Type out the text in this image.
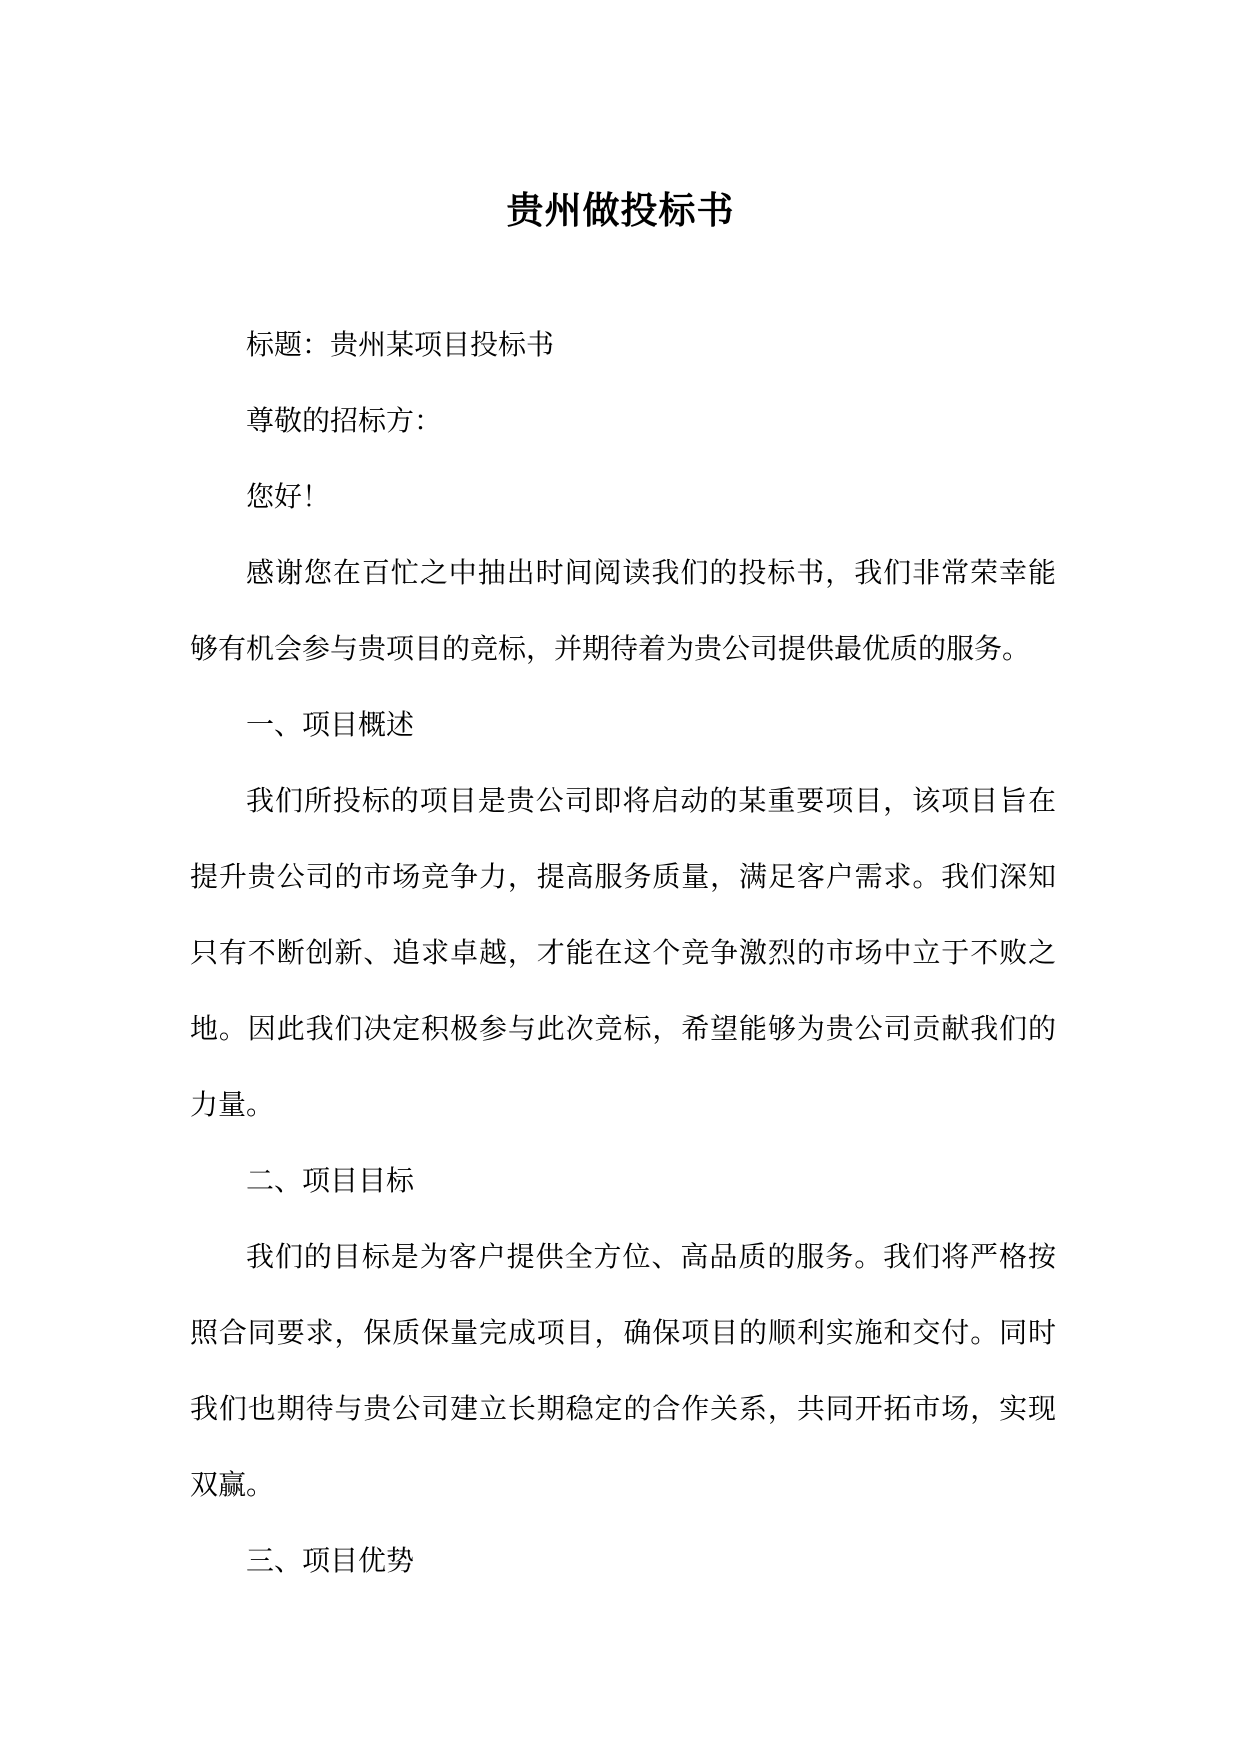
贵州做投标书

标题：贵州某项目投标书

尊敬的招标方：

您好！

感谢您在百忙之中抽出时间阅读我们的投标书，我们非常荣幸能够有机会参与贵项目的竞标，并期待着为贵公司提供最优质的服务。

一、项目概述

我们所投标的项目是贵公司即将启动的某重要项目，该项目旨在提升贵公司的市场竞争力，提高服务质量，满足客户需求。我们深知只有不断创新、追求卓越，才能在这个竞争激烈的市场中立于不败之地。因此我们决定积极参与此次竞标，希望能够为贵公司贡献我们的力量。

二、项目目标

我们的目标是为客户提供全方位、高品质的服务。我们将严格按照合同要求，保质保量完成项目，确保项目的顺利实施和交付。同时我们也期待与贵公司建立长期稳定的合作关系，共同开拓市场，实现双赢。

三、项目优势
